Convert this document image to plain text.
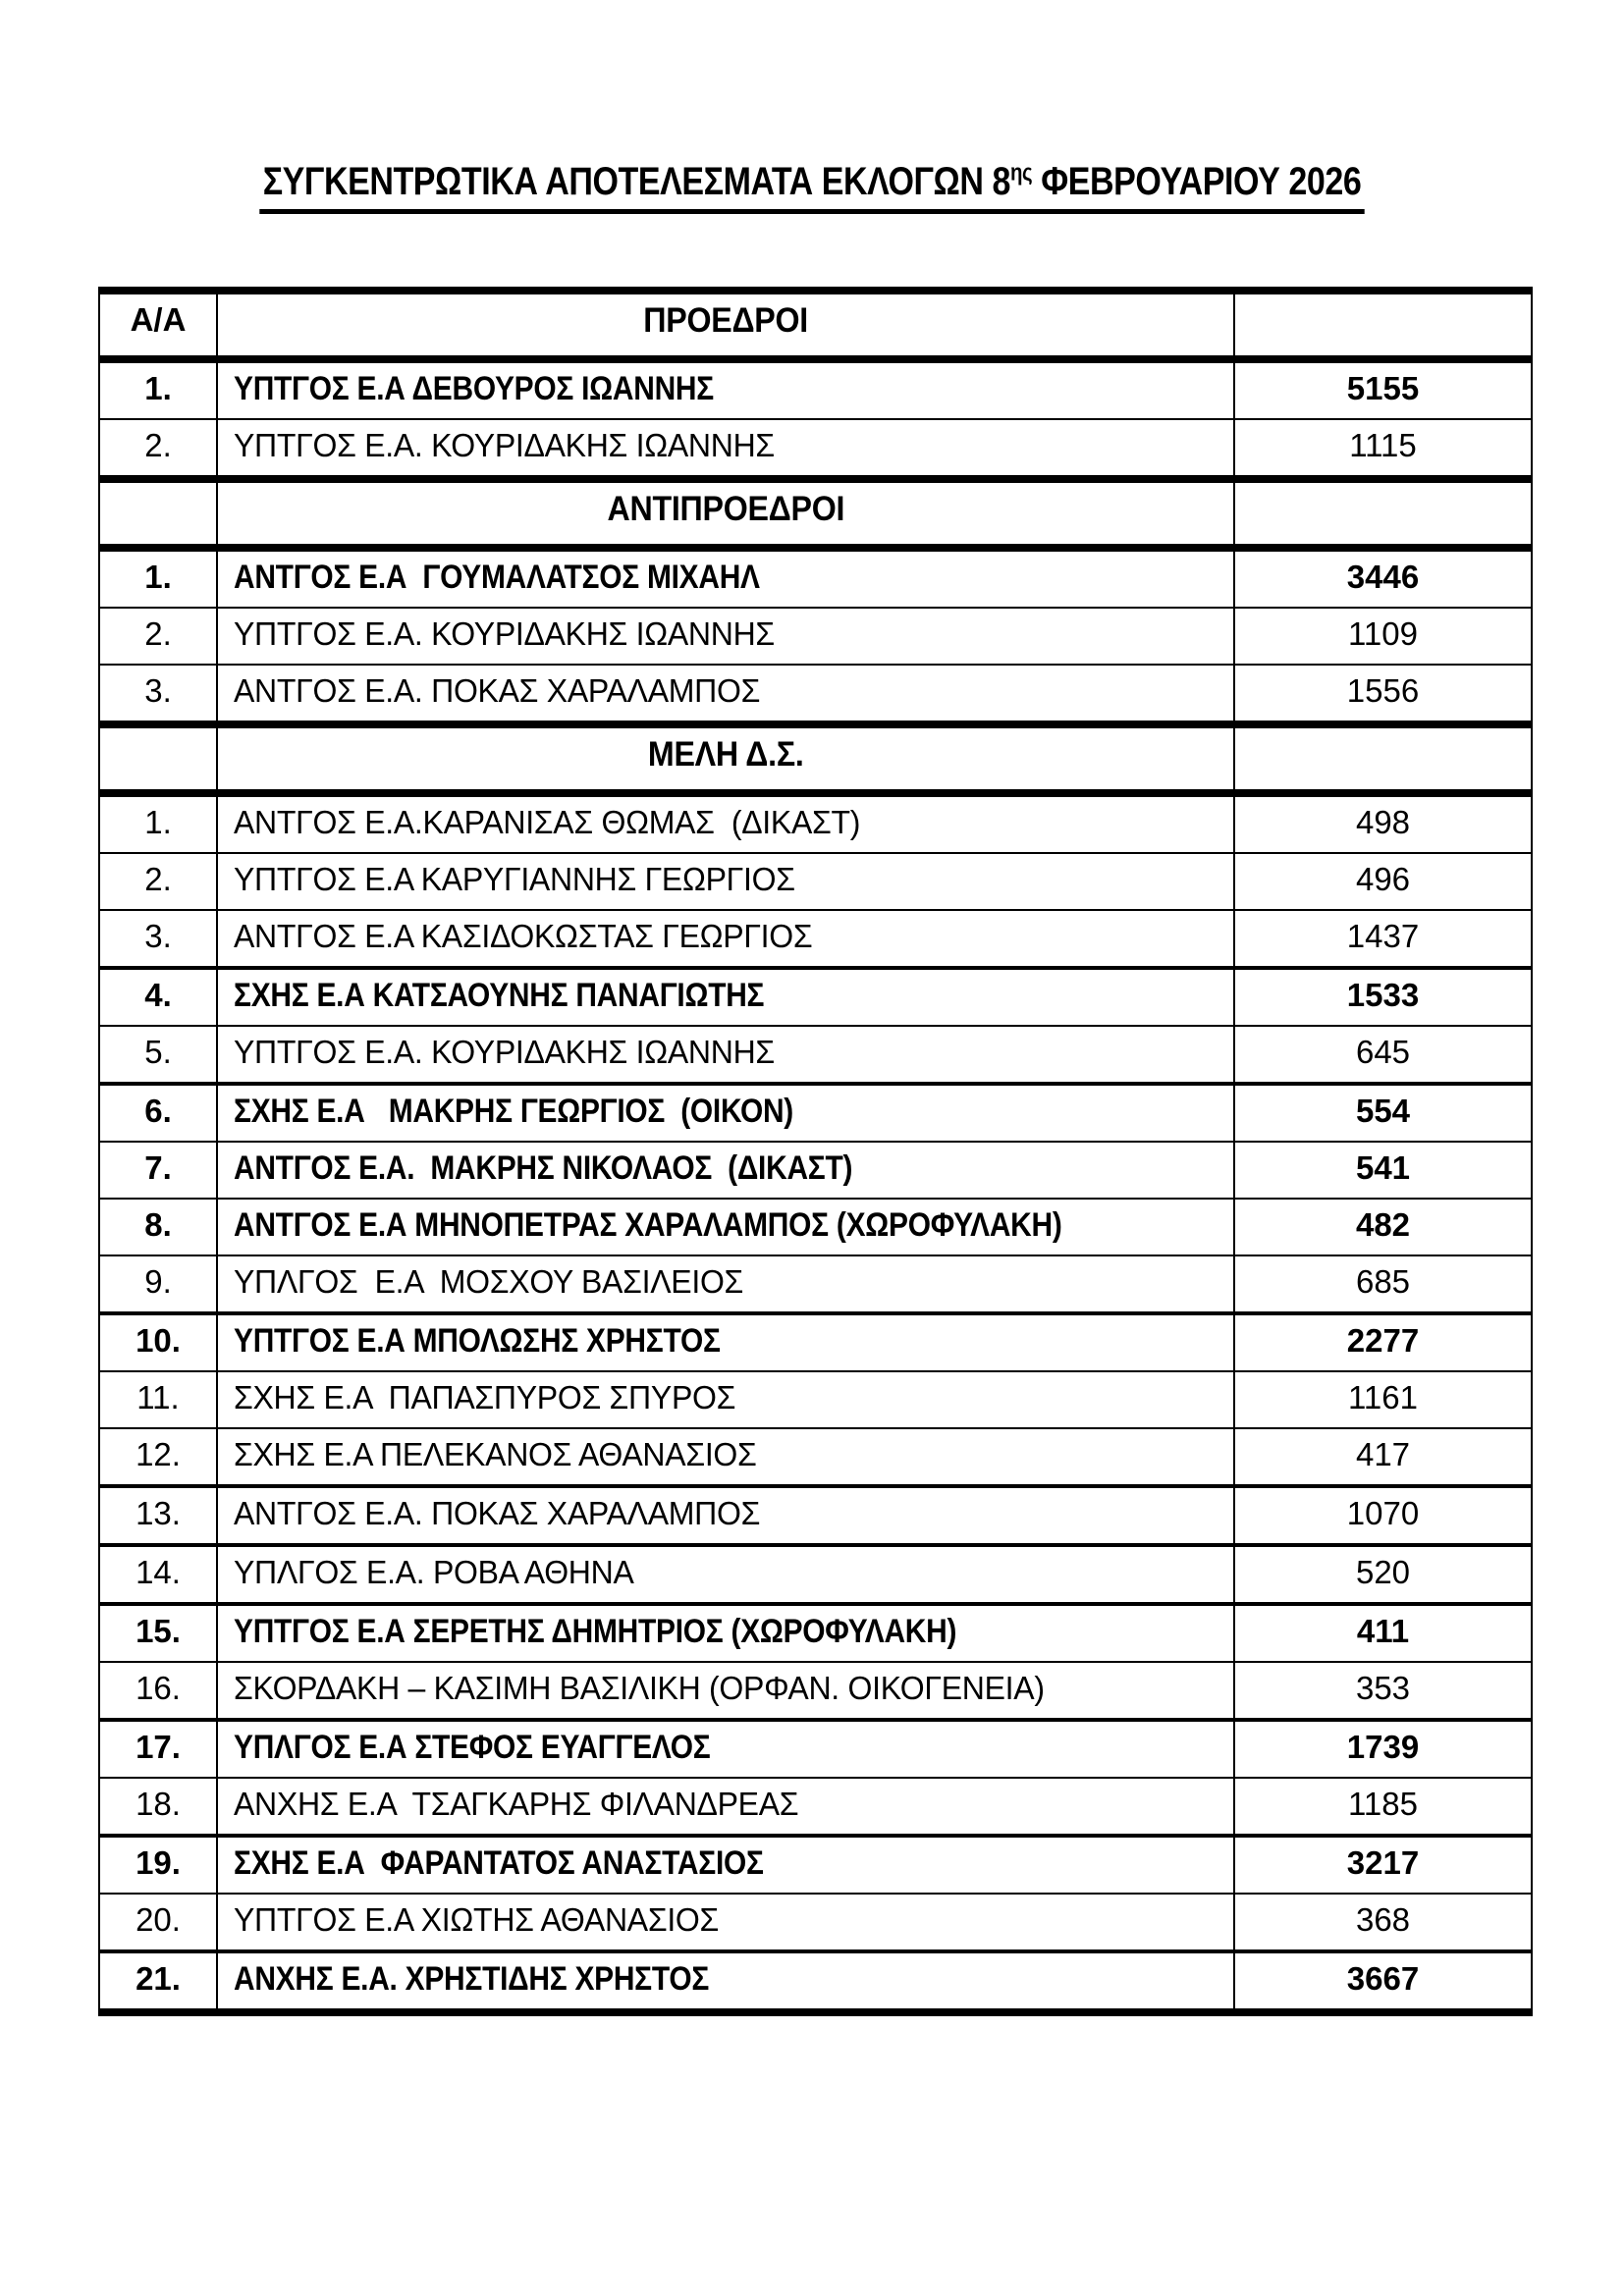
ΣΥΓΚΕΝΤΡΩΤΙΚΑ ΑΠΟΤΕΛΕΣΜΑΤΑ ΕΚΛΟΓΩΝ $8^{\eta\varsigma}$ ΦΕΒΡΟΥΑΡΙΟΥ 2026
Α/Α	ΠΡΟΕΔΡΟΙ
1.	ΥΠΤΓΟΣ Ε.Α ΔΕΒΟΥΡΟΣ ΙΩΑΝΝΗΣ	5155
2.	ΥΠΤΓΟΣ Ε.Α. ΚΟΥΡΙΔΑΚΗΣ ΙΩΑΝΝΗΣ	1115
ΑΝΤΙΠΡΟΕΔΡΟΙ
1.	ΑΝΤΓΟΣ Ε.Α  ΓΟΥΜΑΛΑΤΣΟΣ ΜΙΧΑΗΛ	3446
2.	ΥΠΤΓΟΣ Ε.Α. ΚΟΥΡΙΔΑΚΗΣ ΙΩΑΝΝΗΣ	1109
3.	ΑΝΤΓΟΣ Ε.Α. ΠΟΚΑΣ ΧΑΡΑΛΑΜΠΟΣ	1556
ΜΕΛΗ Δ.Σ.
1.	ΑΝΤΓΟΣ Ε.Α.ΚΑΡΑΝΙΣΑΣ ΘΩΜΑΣ  (ΔΙΚΑΣΤ)	498
2.	ΥΠΤΓΟΣ Ε.Α ΚΑΡΥΓΙΑΝΝΗΣ ΓΕΩΡΓΙΟΣ	496
3.	ΑΝΤΓΟΣ Ε.Α ΚΑΣΙΔΟΚΩΣΤΑΣ ΓΕΩΡΓΙΟΣ	1437
4.	ΣΧΗΣ Ε.Α ΚΑΤΣΑΟΥΝΗΣ ΠΑΝΑΓΙΩΤΗΣ	1533
5.	ΥΠΤΓΟΣ Ε.Α. ΚΟΥΡΙΔΑΚΗΣ ΙΩΑΝΝΗΣ	645
6.	ΣΧΗΣ Ε.Α   ΜΑΚΡΗΣ ΓΕΩΡΓΙΟΣ  (ΟΙΚΟΝ)	554
7.	ΑΝΤΓΟΣ Ε.Α.  ΜΑΚΡΗΣ ΝΙΚΟΛΑΟΣ  (ΔΙΚΑΣΤ)	541
8.	ΑΝΤΓΟΣ Ε.Α ΜΗΝΟΠΕΤΡΑΣ ΧΑΡΑΛΑΜΠΟΣ (ΧΩΡΟΦΥΛΑΚΗ)	482
9.	ΥΠΛΓΟΣ  Ε.Α  ΜΟΣΧΟΥ ΒΑΣΙΛΕΙΟΣ	685
10.	ΥΠΤΓΟΣ Ε.Α ΜΠΟΛΩΣΗΣ ΧΡΗΣΤΟΣ	2277
11.	ΣΧΗΣ Ε.Α  ΠΑΠΑΣΠΥΡΟΣ ΣΠΥΡΟΣ	1161
12.	ΣΧΗΣ Ε.Α ΠΕΛΕΚΑΝΟΣ ΑΘΑΝΑΣΙΟΣ	417
13.	ΑΝΤΓΟΣ Ε.Α. ΠΟΚΑΣ ΧΑΡΑΛΑΜΠΟΣ	1070
14.	ΥΠΛΓΟΣ Ε.Α. ΡΟΒΑ ΑΘΗΝΑ	520
15.	ΥΠΤΓΟΣ Ε.Α ΣΕΡΕΤΗΣ ΔΗΜΗΤΡΙΟΣ (ΧΩΡΟΦΥΛΑΚΗ)	411
16.	ΣΚΟΡΔΑΚΗ – ΚΑΣΙΜΗ ΒΑΣΙΛΙΚΗ (ΟΡΦΑΝ. ΟΙΚΟΓΕΝΕΙΑ)	353
17.	ΥΠΛΓΟΣ Ε.Α ΣΤΕΦΟΣ ΕΥΑΓΓΕΛΟΣ	1739
18.	ΑΝΧΗΣ Ε.Α  ΤΣΑΓΚΑΡΗΣ ΦΙΛΑΝΔΡΕΑΣ	1185
19.	ΣΧΗΣ Ε.Α  ΦΑΡΑΝΤΑΤΟΣ ΑΝΑΣΤΑΣΙΟΣ	3217
20.	ΥΠΤΓΟΣ Ε.Α ΧΙΩΤΗΣ ΑΘΑΝΑΣΙΟΣ	368
21.	ΑΝΧΗΣ Ε.Α. ΧΡΗΣΤΙΔΗΣ ΧΡΗΣΤΟΣ	3667
